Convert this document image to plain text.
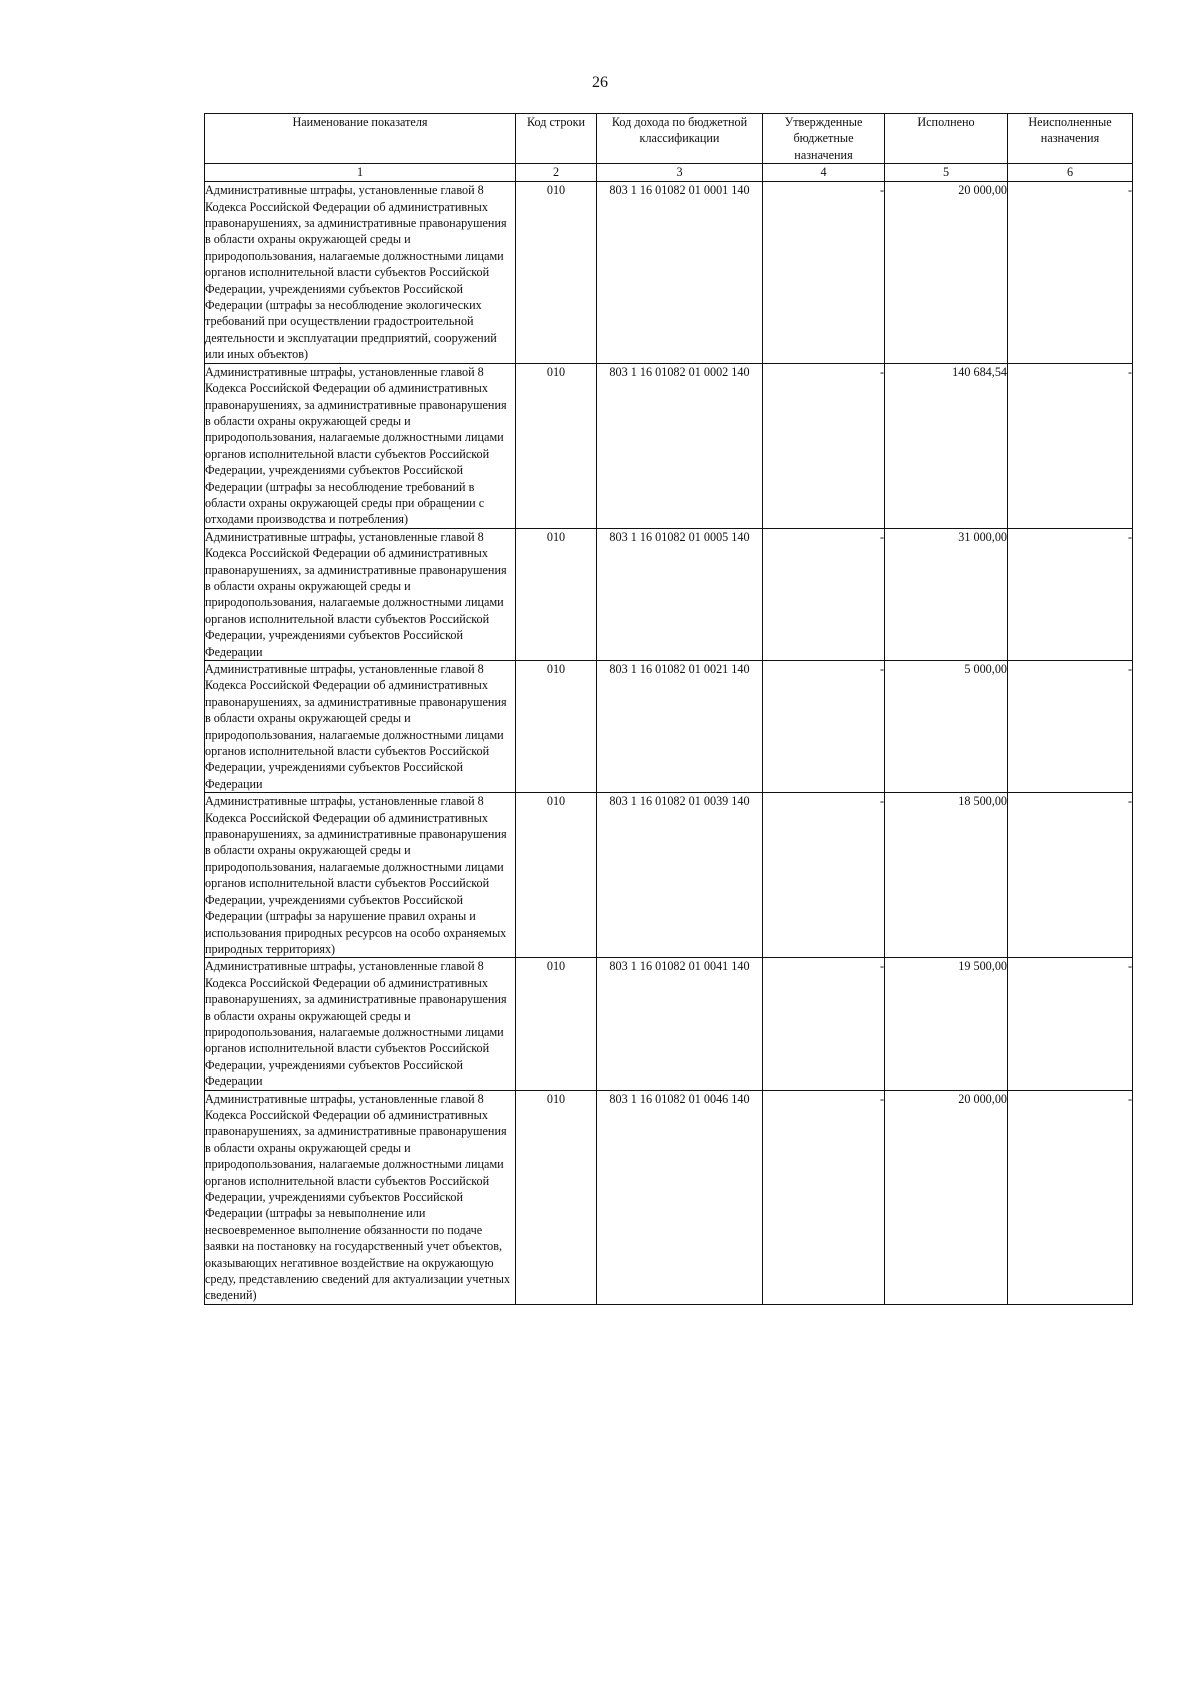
26
Наименование показателя	Код строки	Код дохода по бюджетной классификации	Утвержденные бюджетные назначения	Исполнено	Неисполненные назначения
1	2	3	4	5	6
Административные штрафы, установленные главой 8 Кодекса Российской Федерации об административных правонарушениях, за административные правонарушения в области охраны окружающей среды и природопользования, налагаемые должностными лицами органов исполнительной власти субъектов Российской Федерации, учреждениями субъектов Российской Федерации (штрафы за несоблюдение экологических требований при осуществлении градостроительной деятельности и эксплуатации предприятий, сооружений или иных объектов)	010	803 1 16 01082 01 0001 140	-	20 000,00	-
Административные штрафы, установленные главой 8 Кодекса Российской Федерации об административных правонарушениях, за административные правонарушения в области охраны окружающей среды и природопользования, налагаемые должностными лицами органов исполнительной власти субъектов Российской Федерации, учреждениями субъектов Российской Федерации (штрафы за несоблюдение требований в области охраны окружающей среды при обращении с отходами производства и потребления)	010	803 1 16 01082 01 0002 140	-	140 684,54	-
Административные штрафы, установленные главой 8 Кодекса Российской Федерации об административных правонарушениях, за административные правонарушения в области охраны окружающей среды и природопользования, налагаемые должностными лицами органов исполнительной власти субъектов Российской Федерации, учреждениями субъектов Российской Федерации	010	803 1 16 01082 01 0005 140	-	31 000,00	-
Административные штрафы, установленные главой 8 Кодекса Российской Федерации об административных правонарушениях, за административные правонарушения в области охраны окружающей среды и природопользования, налагаемые должностными лицами органов исполнительной власти субъектов Российской Федерации, учреждениями субъектов Российской Федерации	010	803 1 16 01082 01 0021 140	-	5 000,00	-
Административные штрафы, установленные главой 8 Кодекса Российской Федерации об административных правонарушениях, за административные правонарушения в области охраны окружающей среды и природопользования, налагаемые должностными лицами органов исполнительной власти субъектов Российской Федерации, учреждениями субъектов Российской Федерации (штрафы за нарушение правил охраны и использования природных ресурсов на особо охраняемых природных территориях)	010	803 1 16 01082 01 0039 140	-	18 500,00	-
Административные штрафы, установленные главой 8 Кодекса Российской Федерации об административных правонарушениях, за административные правонарушения в области охраны окружающей среды и природопользования, налагаемые должностными лицами органов исполнительной власти субъектов Российской Федерации, учреждениями субъектов Российской Федерации	010	803 1 16 01082 01 0041 140	-	19 500,00	-
Административные штрафы, установленные главой 8 Кодекса Российской Федерации об административных правонарушениях, за административные правонарушения в области охраны окружающей среды и природопользования, налагаемые должностными лицами органов исполнительной власти субъектов Российской Федерации, учреждениями субъектов Российской Федерации (штрафы за невыполнение или несвоевременное выполнение обязанности по подаче заявки на постановку на государственный учет объектов, оказывающих негативное воздействие на окружающую среду, представлению сведений для актуализации учетных сведений)	010	803 1 16 01082 01 0046 140	-	20 000,00	-
